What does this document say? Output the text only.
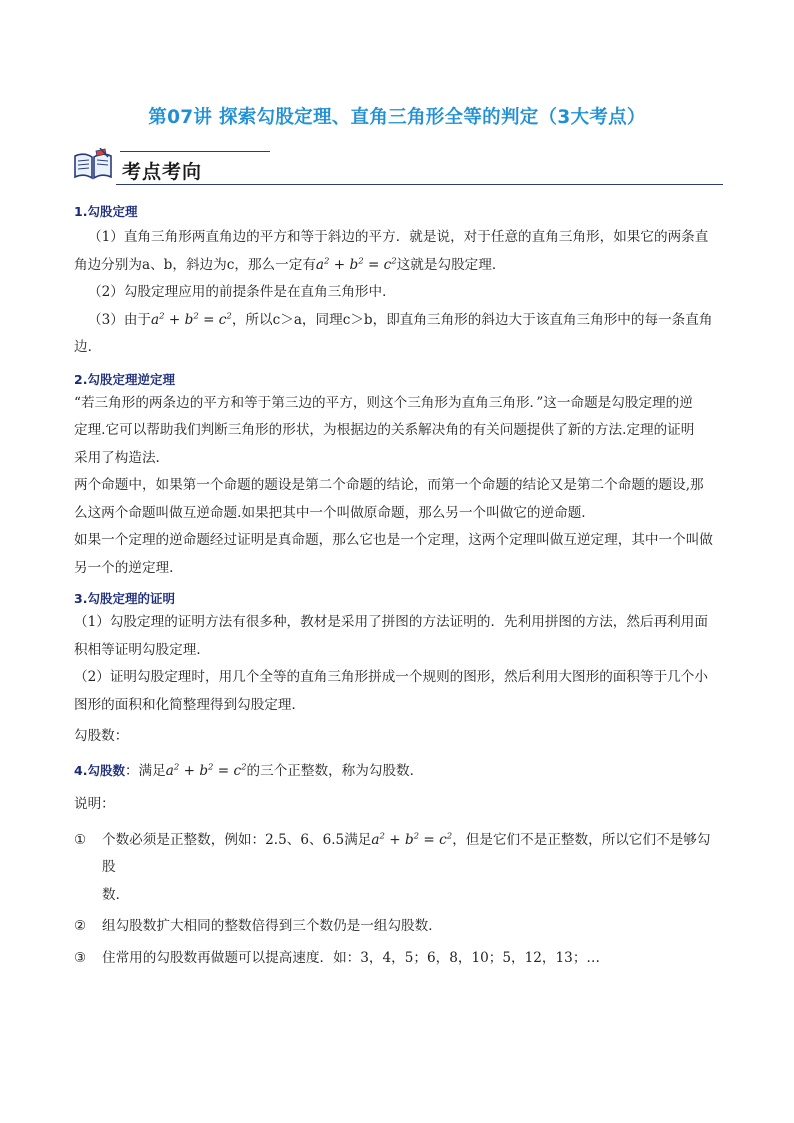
第07讲 探索勾股定理、直角三角形全等的判定（3大考点）
考点考向

1.勾股定理

（1）直角三角形两直角边的平方和等于斜边的平方．就是说，对于任意的直角三角形，如果它的两条直

角边分别为a、b，斜边为c，那么一定有$a^2 + b^2 = c^2$这就是勾股定理．

（2）勾股定理应用的前提条件是在直角三角形中．

（3）由于$a^2 + b^2 = c^2$，所以c＞a，同理c＞b，即直角三角形的斜边大于该直角三角形中的每一条直角

边．

2.勾股定理逆定理

“若三角形的两条边的平方和等于第三边的平方，则这个三角形为直角三角形．”这一命题是勾股定理的逆

定理.它可以帮助我们判断三角形的形状，为根据边的关系解决角的有关问题提供了新的方法.定理的证明

采用了构造法.

两个命题中，如果第一个命题的题设是第二个命题的结论，而第一个命题的结论又是第二个命题的题设,那

么这两个命题叫做互逆命题.如果把其中一个叫做原命题，那么另一个叫做它的逆命题.

如果一个定理的逆命题经过证明是真命题，那么它也是一个定理，这两个定理叫做互逆定理，其中一个叫做

另一个的逆定理.

3.勾股定理的证明

（1）勾股定理的证明方法有很多种，教材是采用了拼图的方法证明的．先利用拼图的方法，然后再利用面

积相等证明勾股定理．

（2）证明勾股定理时，用几个全等的直角三角形拼成一个规则的图形，然后利用大图形的面积等于几个小

图形的面积和化简整理得到勾股定理．

勾股数：

4.勾股数：满足$a^2 + b^2 = c^2$的三个正整数，称为勾股数．

说明：

①	个数必须是正整数，例如：2.5、6、6.5满足$a^2 + b^2 = c^2$，但是它们不是正整数，所以它们不是够勾股
数．
②	组勾股数扩大相同的整数倍得到三个数仍是一组勾股数．
③	住常用的勾股数再做题可以提高速度．如：3，4，5；6，8，10；5，12，13；…
